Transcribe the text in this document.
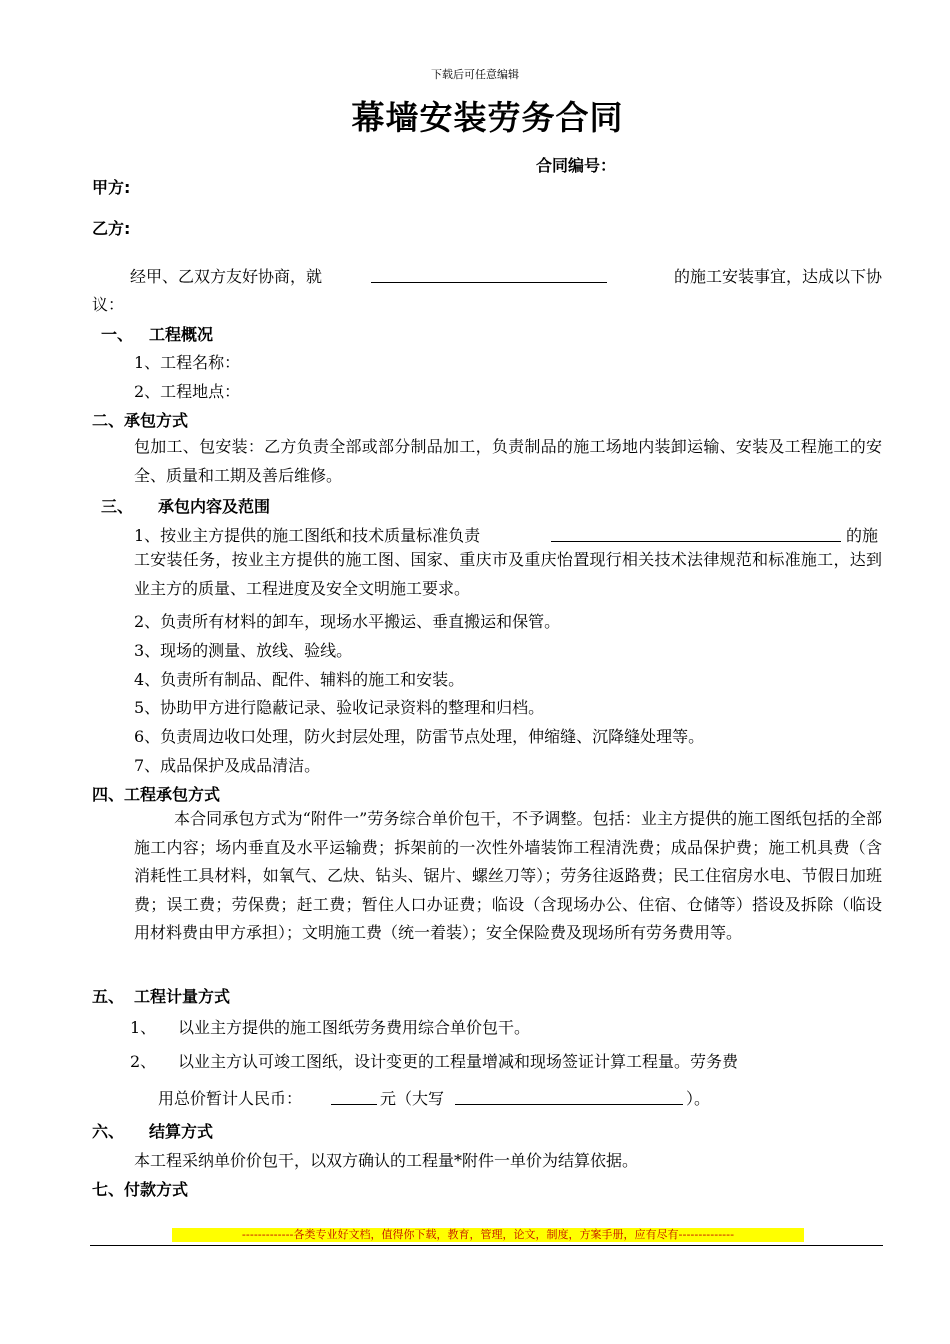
下载后可任意编辑
幕墙安装劳务合同
合同编号：
甲方:
乙方:
经甲、乙双方友好协商，就	的施工安装事宜，达成以下协
议：
一、 工程概况
1、工程名称：
2、工程地点：
二、承包方式
包加工、包安装：乙方负责全部或部分制品加工，负责制品的施工场地内装卸运输、安装及工程施工的安全、质量和工期及善后维修。
三、 承包内容及范围
1、按业主方提供的施工图纸和技术质量标准负责	的施
工安装任务，按业主方提供的施工图、国家、重庆市及重庆怡置现行相关技术法律规范和标准施工，达到业主方的质量、工程进度及安全文明施工要求。
2、负责所有材料的卸车，现场水平搬运、垂直搬运和保管。
3、现场的测量、放线、验线。
4、负责所有制品、配件、辅料的施工和安装。
5、协助甲方进行隐蔽记录、验收记录资料的整理和归档。
6、负责周边收口处理，防火封层处理，防雷节点处理，伸缩缝、沉降缝处理等。
7、成品保护及成品清洁。
四、工程承包方式
本合同承包方式为“附件一”劳务综合单价包干，不予调整。包括：业主方提供的施工图纸包括的全部施工内容；场内垂直及水平运输费；拆架前的一次性外墙装饰工程清洗费；成品保护费；施工机具费（含消耗性工具材料，如氧气、乙炔、钻头、锯片、螺丝刀等）；劳务往返路费；民工住宿房水电、节假日加班费；误工费；劳保费；赶工费；暂住人口办证费；临设（含现场办公、住宿、仓储等）搭设及拆除（临设用材料费由甲方承担）；文明施工费（统一着装）；安全保险费及现场所有劳务费用等。
五、 工程计量方式
1、 以业主方提供的施工图纸劳务费用综合单价包干。
2、 以业主方认可竣工图纸，设计变更的工程量增减和现场签证计算工程量。劳务费
用总价暂计人民币：	元（大写	）。
六、 结算方式
本工程采纳单价价包干，以双方确认的工程量*附件一单价为结算依据。
七、付款方式
-------------各类专业好文档，值得你下载，教育，管理，论文，制度，方案手册，应有尽有--------------
